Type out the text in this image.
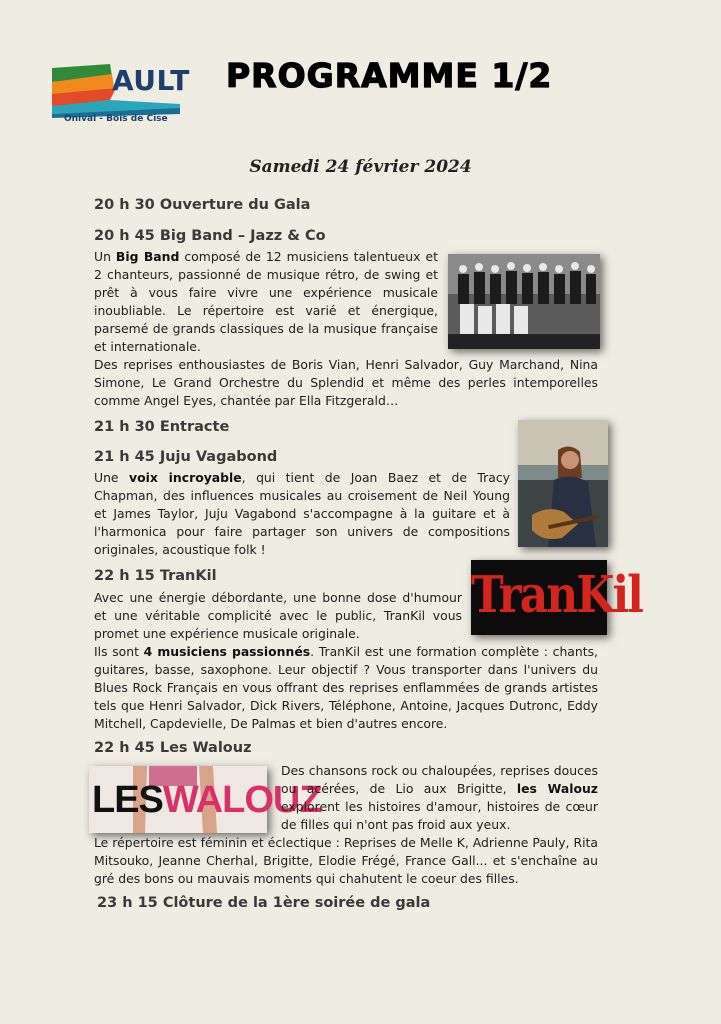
AULT
Onival - Bois de Cise
PROGRAMME 1/2
Samedi 24 février 2024
20 h 30 Ouverture du Gala
20 h 45 Big Band – Jazz & Co
Un Big Band composé de 12 musiciens talentueux et 2 chanteurs, passionné de musique rétro, de swing et prêt à vous faire vivre une expérience musicale inoubliable. Le répertoire est varié et énergique, parsemé de grands classiques de la musique française et internationale.
Des reprises enthousiastes de Boris Vian, Henri Salvador, Guy Marchand, Nina Simone, Le Grand Orchestre du Splendid et même des perles intemporelles comme Angel Eyes, chantée par Ella Fitzgerald…
21 h 30 Entracte
21 h 45 Juju Vagabond
Une voix incroyable, qui tient de Joan Baez et de Tracy Chapman, des influences musicales au croisement de Neil Young et James Taylor, Juju Vagabond s'accompagne à la guitare et à l'harmonica pour faire partager son univers de compositions originales, acoustique folk !
22 h 15 TranKil
Avec une énergie débordante, une bonne dose d'humour et une véritable complicité avec le public, TranKil vous promet une expérience musicale originale.
Ils sont 4 musiciens passionnés. TranKil est une formation complète : chants, guitares, basse, saxophone. Leur objectif ? Vous transporter dans l'univers du Blues Rock Français en vous offrant des reprises enflammées de grands artistes tels que Henri Salvador, Dick Rivers, Téléphone, Antoine, Jacques Dutronc, Eddy Mitchell, Capdevielle, De Palmas et bien d'autres encore.
TranKil
22 h 45 Les Walouz
LESWALOUZ
Des chansons rock ou chaloupées, reprises douces ou acérées, de Lio aux Brigitte, les Walouz explorent les histoires d'amour, histoires de cœur de filles qui n'ont pas froid aux yeux.
Le répertoire est féminin et éclectique : Reprises de Melle K, Adrienne Pauly, Rita Mitsouko, Jeanne Cherhal, Brigitte, Elodie Frégé, France Gall... et s'enchaîne au gré des bons ou mauvais moments qui chahutent le coeur des filles.
23 h 15 Clôture de la 1ère soirée de gala
